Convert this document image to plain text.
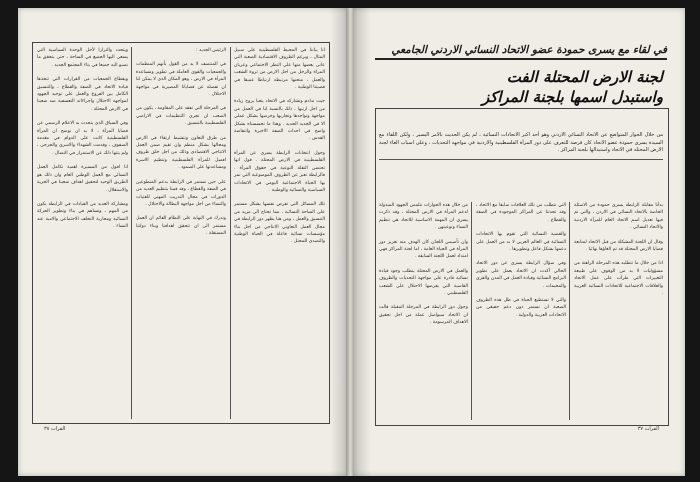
انا بياننا في المحيط الفلسطينية على سبيل المثال ، وبرغم الظروف الاقتصادية الصعبة التي عانى بعضها منها على النظر الاجتماعي وعربان المراة والرجل من اجل الارض من ثروة الشعب والعمل ، منحنها مرتبطة ارتباطا عميقا في قضيتنا الوطنية .

حيث ندادم وتشاركه في الاتحاد يتعبا بروح زيادة من اجل ارتيها ، ذلك بالنسبة لنا في العمل من مواجهة وتواجدها وتجاربها وحرصها بشكل عملي الا في الجديد الجديد . وهذا ما تحسسناه بشكل واضح في احداث الضفة الاخيرة وانتفاضة القدس .

وحول انتخابات الرابطة يسري عن المرأة الفلسطينية في الارض المحتلة . قول انها تحتضن النقلة النوعية في حقوق المرأة . فالرابطة تعبر عن الظروف الموضوعية التي تمر بها الحياة الاجتماعية اليومي في الاتحادات السياسية والنسائية والوطنية .

تلك المسائل التي تفرض نفسها بشكل مستمر على الساحة النسائية ، مما تحتاج الى مزيد من التنسيق والعمل ، ومن هنا يظهر دور الرابطة في مجال العمل التعاوني الانتاجي من اجل بناء مؤسسات نسائية فاعلة في الحياة الوطنية والتصدي للمحتل .

الرئيس الجديد :

في المنتصف لا بد من القول بأنهم المنظمات والجمعيات والقوى العاملة في تطوير ومساعدة المرأة في الارض ، وهو المكان الذي لا يمكن لنا ان نفصله عن قضايانا المصيرية في مواجهة الاحتلال .

في المرحلة التي تفقد على المقاومة ، يكون من الصعب ان تجري التنظيمات في الاراضي الفلسطينية بالتنسيق .

من طرق التعاون وتنشيط ارتقاء في الارض ومجالها بشكل منظم وان تقيم ضمن العمل الانتاجي الاقتصادي وذلك من اجل خلق ظروف افضل للمرأة الفلسطينية وتنظيم الاسرة ومساعدتها على الصمود .

على حين نستمر في الرابطة بدعم المتطوعين في الضفة والقطاع ، وقد قمنا بتنظيم العديد من الدورات في مجال التدريب المهني للفتيات والنساء من اجل مواجهة البطالة والاحتلال .

وتدرك في النهاية على النظام القائم ان العمل مستمر الى ان تتحقق اهدافنا وبناء دولتنا المستقلة .

ويتحدد والترارا لأجل الوحدة السياسية التي يسعى اليها الجميع في الساحة ، حتى يتحقق ما نصبو اليه جميعا في بناء المجتمع الجديد .

ويقطاع الجمعيات من القرارات التي تتخذها قيادة الاتحاد في الضفة والقطاع ، والتنسيق الكامل بين الفروع والعمل على توحيد الجهود لمواجهة الاحتلال واجراءاته التعسفية ضد شعبنا في الارض المحتلة .

وفي السياق الذي يتحدث به الاعلام الرسمي عن قضايا المرأة ، لا بد ان نوضح ان المرأة الفلسطينية كانت على الدوام في مقدمة الصفوف ، وقدمت الشهداء والاسرى والجرحى ، ولم يثنها ذلك عن الاستمرار في النضال .

انا اقول من المسيرة اهمية تكامل العمل النسائي مع العمل الوطني العام وان ذلك هو الطريق الوحيد لتحقيق اهداف شعبنا في الحرية والاستقلال .

ومشاركة العديد من القيادات في الرابطة يكون من المهم ، وتساهم في بناء وتطوير الحركة النسائية ومحاربة التخلف الاجتماعي والامية عند النساء .

الفرات ٣٨
في لقاء مع يسرى حمودة عضو الاتحاد النسائي الاردني الجامعي
لجنة الارض المحتلة الفت
واستبدل اسمها بلجنة المراكز
من خلال الحوار المتواضع عن الاتحاد النسائي الاردني وهو أحد اكبر الاتحادات النسائية ، لم يكن الحديث بالامر اليسير ، ولكن اللقاء مع السيدة يسرى حمودة عضو الاتحاد كان فرصة للتعرف على دور المرأة الفلسطينية والاردنية في مواجهة التحديات ، وعلى اسباب الغاء لجنة الارض المحتلة في الاتحاد واستبدالها بلجنة المراكز .

بدأنا مقابلة الرابطة يسرى حمودة من الاسئلة الخاصة بالاتحاد النسائي في الاردن ، والتي تم فيها تعديل اسم الاتحاد العام للمرأة الاردنية والاتحاد النسائي .

وقال ان اللجنة المشكلة من قبل الاتحاد لمتابعة قضايا الارض المحتلة قد تم الغاؤها نهائيا .

اذا من خلال ما تتطلبه هذه المرحلة الراهنة من مسؤوليات لا بد من الوقوف على طبيعة التغييرات التي طرأت على عمل الاتحاد والعلاقات الاجتماعية للاتحادات النسائية العربية .

التي نتطلب من تلك العلاقات سابقا مع الاتحاد ، وقد تحدثنا عن المراكز الموجودة في الضفة والقطاع .

والقضية النسائية التي تقوم بها الاتحادات النسائية في العالم العربي لا بد من العمل على دعمها بشكل فاعل وتطويرها .

وفي سؤال الرابطة يسرى عن دور الاتحاد الحالي أكدت ان الاتحاد يعمل على تطوير البرامج النسائية وقيادة العمل في المدن والقرى والمخيمات .

والتي لا تستطيع الحياة في ظل هذه الظروف الصعبة ان تستمر دون دعم حقيقي من الاتحادات العربية والدولية .

من خلال هذه الحوارات نتلمس الجهود المبذولة لدعم المرأة في الارض المحتلة ، وقد ذكرت يسرى ان المهمة الاساسية للاتحاد هي تنظيم النساء وتوعيتهن .

وان تأسيس اللجان كان الهدف منه تعزيز دور المرأة في الحياة العامة ، اما لجنة المراكز فهي امتداد لعمل اللجنة السابقة .

والعمل في الارض المحتلة يتطلب وجود قيادة نسائية قادرة على مواجهة التحديات والظروف القاسية التي يفرضها الاحتلال على الشعب الفلسطيني .

وحول دور الرابطة في المرحلة المقبلة قالت ان الاتحاد سيواصل عمله من اجل تحقيق الاهداف المرسومة .

الفرات ٣٧
